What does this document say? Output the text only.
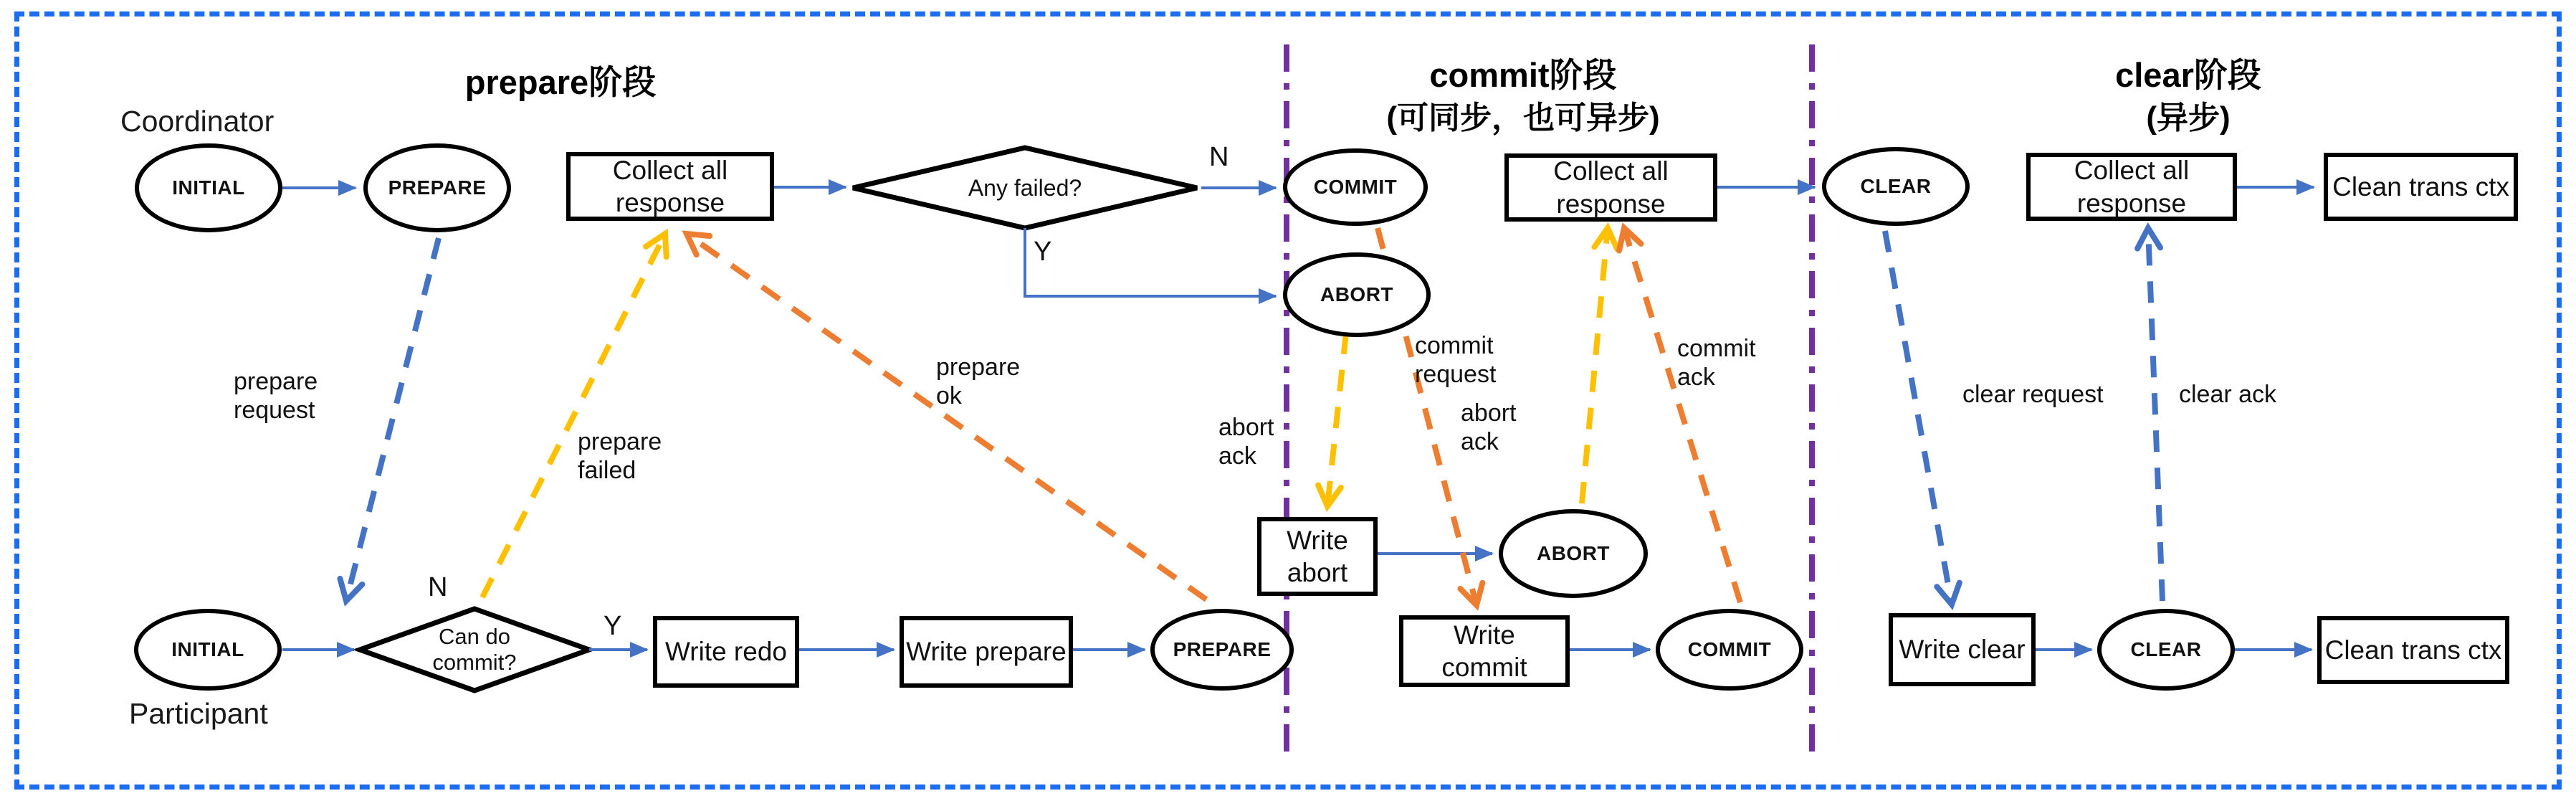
Coordinator
Participant
prepare阶段	commit阶段
(可同步，也可异步)
clear阶段
(异步)
INITIAL	PREPARE
Collect all response
Any failed?	COMMIT
ABORT
Collect all response
CLEAR
Collect all response
Clean trans ctx
INITIAL
Can do commit?	Write redo	Write prepare	PREPARE
Write abort
ABORT
Write commit
COMMIT	Write clear	CLEAR	Clean trans ctx
N
Y
N
Y
prepare request
prepare failed
prepare ok
abort ack
commit request
abort ack
commit ack
clear request	clear ack
